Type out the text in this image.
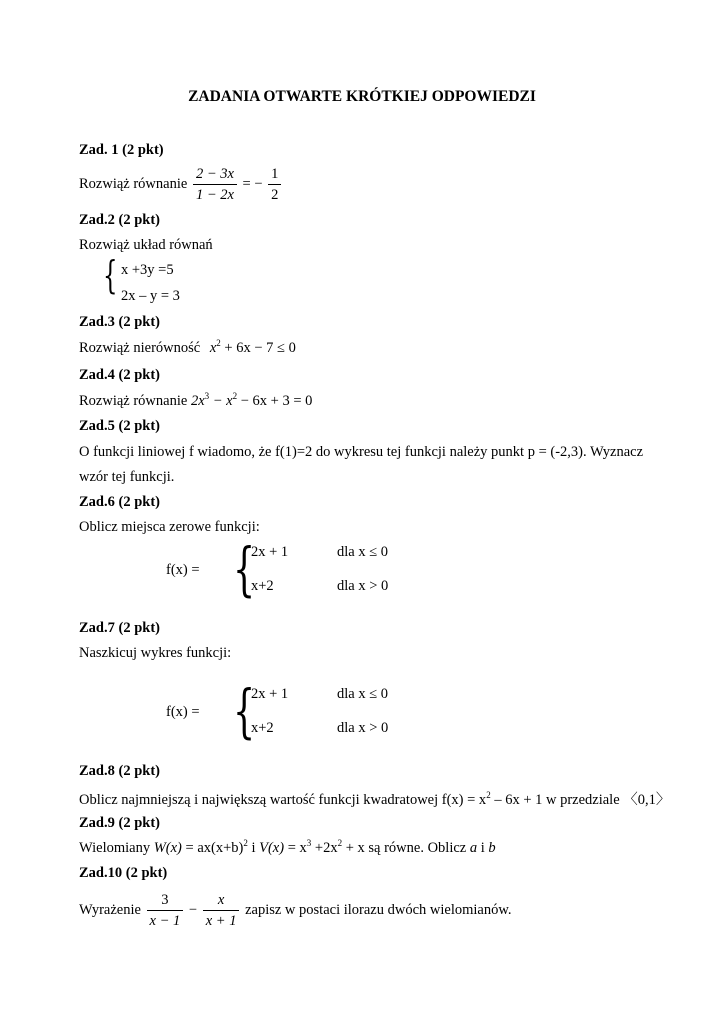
ZADANIA OTWARTE KRÓTKIEJ ODPOWIEDZI
Zad. 1 (2 pkt)
Rozwiąż równanie $\frac{2 - 3x}{1 - 2x}$ = − $\frac{1}{2}$
Zad.2 (2 pkt)
Rozwiąż układ równań
{ x +3y =5
2x – y = 3
Zad.3 (2 pkt)
Rozwiąż nierówność $x^2 + 6x - 7 \le 0$
Zad.4 (2 pkt)
Rozwiąż równanie $2x^3 - x^2 - 6x + 3 = 0$
Zad.5 (2 pkt)
O funkcji liniowej f wiadomo, że f(1)=2 do wykresu tej funkcji należy punkt p = (-2,3). Wyznacz
wzór tej funkcji.
Zad.6 (2 pkt)
Oblicz miejsca zerowe funkcji:
f(x) = {
2x + 1	dla x ≤ 0
x+2	dla x > 0
Zad.7 (2 pkt)
Naszkicuj wykres funkcji:
f(x) = {
2x + 1	dla x ≤ 0
x+2	dla x > 0
Zad.8 (2 pkt)
Oblicz najmniejszą i największą wartość funkcji kwadratowej $f(x) = x^2 - 6x + 1$ w przedziale 〈0,1〉
Zad.9 (2 pkt)
Wielomiany $W(x) = ax(x+b)^2$ i $V(x) = x^3 +2x^2 + x$ są równe. Oblicz a i b
Zad.10 (2 pkt)
Wyrażenie $\frac{3}{x - 1} - \frac{x}{x + 1}$ zapisz w postaci ilorazu dwóch wielomianów.
